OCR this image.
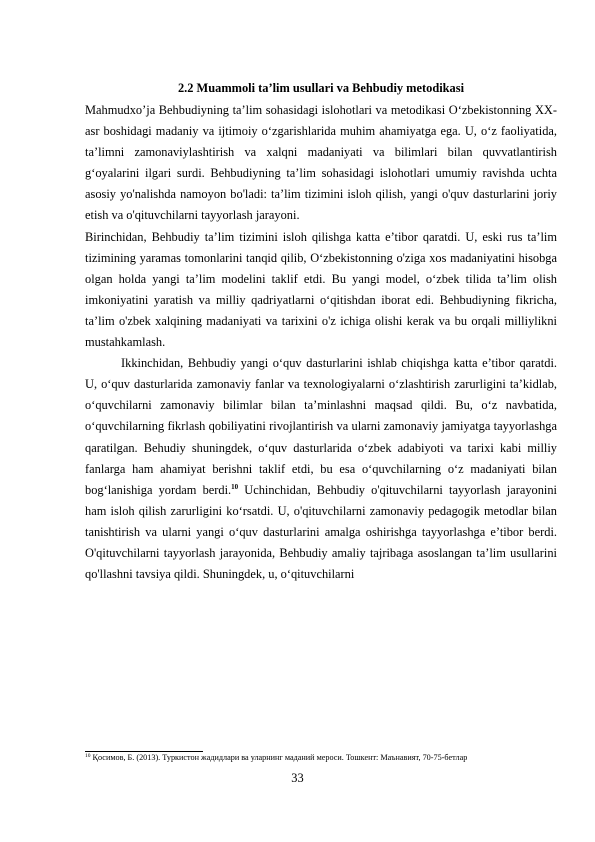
2.2 Muammoli ta’lim usullari va Behbudiy metodikasi

Mahmudxo’ja Behbudiyning ta’lim sohasidagi islohotlari va metodikasi O‘zbekistonning XX-asr boshidagi madaniy va ijtimoiy o‘zgarishlarida muhim ahamiyatga ega. U, o‘z faoliyatida, ta’limni zamonaviylashtirish va xalqni madaniyati va bilimlari bilan quvvatlantirish g‘oyalarini ilgari surdi. Behbudiyning ta’lim sohasidagi islohotlari umumiy ravishda uchta asosiy yo'nalishda namoyon bo'ladi: ta’lim tizimini isloh qilish, yangi o'quv dasturlarini joriy etish va o'qituvchilarni tayyorlash jarayoni.

Birinchidan, Behbudiy ta’lim tizimini isloh qilishga katta e’tibor qaratdi. U, eski rus ta’lim tizimining yaramas tomonlarini tanqid qilib, O‘zbekistonning o'ziga xos madaniyatini hisobga olgan holda yangi ta’lim modelini taklif etdi. Bu yangi model, o‘zbek tilida ta’lim olish imkoniyatini yaratish va milliy qadriyatlarni o‘qitishdan iborat edi. Behbudiyning fikricha, ta’lim o'zbek xalqining madaniyati va tarixini o'z ichiga olishi kerak va bu orqali milliylikni mustahkamlash.

Ikkinchidan, Behbudiy yangi o‘quv dasturlarini ishlab chiqishga katta e’tibor qaratdi. U, o‘quv dasturlarida zamonaviy fanlar va texnologiyalarni o‘zlashtirish zarurligini ta’kidlab, o‘quvchilarni zamonaviy bilimlar bilan ta’minlashni maqsad qildi. Bu, o‘z navbatida, o‘quvchilarning fikrlash qobiliyatini rivojlantirish va ularni zamonaviy jamiyatga tayyorlashga qaratilgan. Behudiy shuningdek, o‘quv dasturlarida o‘zbek adabiyoti va tarixi kabi milliy fanlarga ham ahamiyat berishni taklif etdi, bu esa o‘quvchilarning o‘z madaniyati bilan bog‘lanishiga yordam berdi.$^{10}$ Uchinchidan, Behbudiy o'qituvchilarni tayyorlash jarayonini ham isloh qilish zarurligini ko‘rsatdi. U, o'qituvchilarni zamonaviy pedagogik metodlar bilan tanishtirish va ularni yangi o‘quv dasturlarini amalga oshirishga tayyorlashga e’tibor berdi. O'qituvchilarni tayyorlash jarayonida, Behbudiy amaliy tajribaga asoslangan ta’lim usullarini qo'llashni tavsiya qildi. Shuningdek, u, o‘qituvchilarni

$^{10}$ Қосимов, Б. (2013). Туркистон жадидлари ва уларнинг маданий мероси. Тошкент: Маънавият, 70-75-бетлар
33
